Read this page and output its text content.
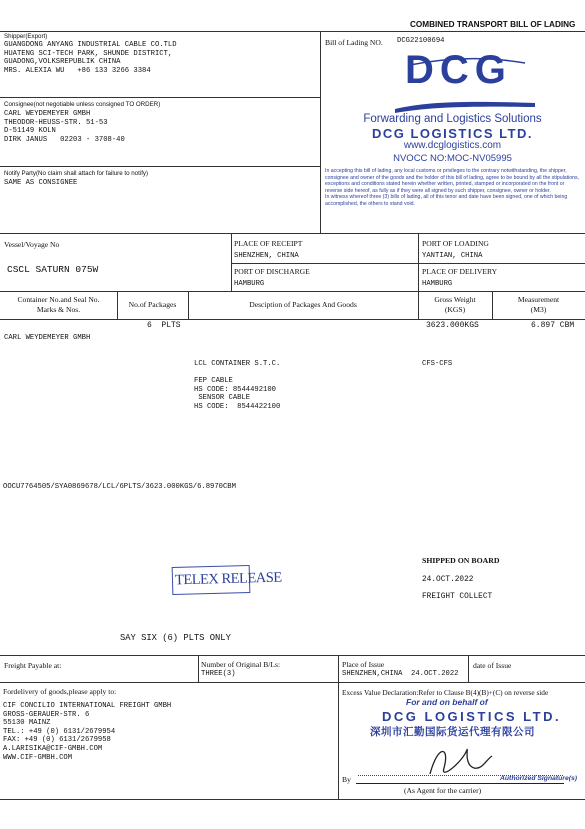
COMBINED TRANSPORT BILL OF LADING
Shipper(Export)
GUANGDONG ANYANG INDUSTRIAL CABLE CO.TLD
HUATENG SCI-TECH PARK, SHUNDE DISTRICT,
GUADONG,VOLKSREPUBLIK CHINA
MRS. ALEXIA WU   +86 133 3266 3384
Bill of Lading NO. DCG22100694
Consignee(not negotiable unless consigned TO ORDER)
CARL WEYDEMEYER GMBH
THEODOR-HEUSS-STR. 51-53
D-51149 KOLN
DIRK JANUS   02203 - 3708-40
Notify Party(No claim shall attach for failure to notify)
SAME AS CONSIGNEE
DCG
Forwarding and Logistics Solutions
DCG LOGISTICS LTD.
www.dcglogistics.com
NVOCC NO:MOC-NV05995
In accepting this bill of lading, any local customs or privileges to the contrary notwithstanding, the shipper, consignee and owner of the goods and the holder of this bill of lading, agree to be bound by all the stipulations, exceptions and conditions stated herein whether written, printed, stamped or incorporated on the front or reverse side hereof, as fully as if they were all signed by such shipper, consignee, owner or holder.
In witness whereof three (3) bills of lading, all of this tenor and date have been signed, one of which being accomplished, the others to stand void.
Vessel/Voyage No
CSCL SATURN 075W
PLACE OF RECEIPT
SHENZHEN, CHINA
PORT OF LOADING
YANTIAN, CHINA
PORT OF DISCHARGE
HAMBURG
PLACE OF DELIVERY
HAMBURG
Container No.and Seal No.
Marks & Nos.
No.of Packages	Desciption of Packages And Goods
Gross Weight
(KGS)
Measurement
(M3)
CARL WEYDEMEYER GMBH
6  PLTS	3623.000KGS	6.897 CBM
LCL CONTAINER S.T.C.

FEP CABLE
HS CODE: 8544492100
SENSOR CABLE
HS CODE:  8544422100
CFS-CFS
OOCU7764505/SYA0869678/LCL/6PLTS/3623.000KGS/6.8970CBM
TELEX RELEASE
SHIPPED ON BOARD
24.OCT.2022
FREIGHT COLLECT
SAY SIX (6) PLTS ONLY
Freight Payable at:	Number of Original B/Ls:
THREE(3)
Place of Issue
SHENZHEN,CHINA  24.OCT.2022
date of Issue
Fordelivery of goods,please apply to:
CIF CONCILIO INTERNATIONAL FREIGHT GMBH
GROSS-GERAUER-STR. 6
55130 MAINZ
TEL.: +49 (0) 6131/2679954
FAX: +49 (0) 6131/2679958
A.LARISIKA@CIF-GMBH.COM
WWW.CIF-GMBH.COM
Excess Value Declaration:Refer to Clause B(4)(B)+(C) on reverse side
For and on behalf of
DCG LOGISTICS LTD.
深圳市汇勤国际货运代理有限公司
Authorized Signature(s)
By
(As Agent for the carrier)
